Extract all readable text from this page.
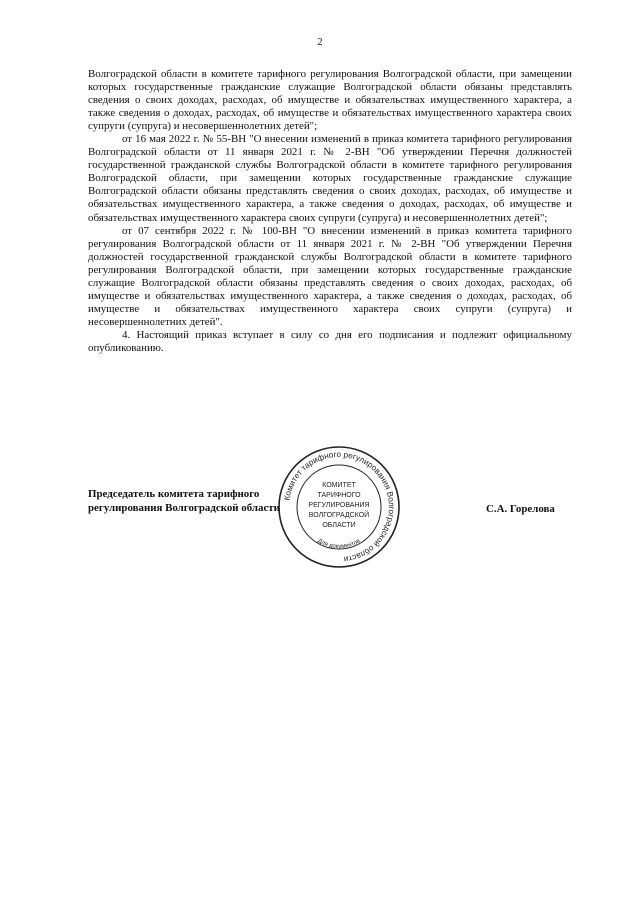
2

Волгоградской области в комитете тарифного регулирования Волгоградской области, при замещении которых государственные гражданские служащие Волгоградской области обязаны представлять сведения о своих доходах, расходах, об имуществе и обязательствах имущественного характера, а также сведения о доходах, расходах, об имуществе и обязательствах имущественного характера своих супруги (супруга) и несовершеннолетних детей";

от 16 мая 2022 г. № 55-ВН "О внесении изменений в приказ комитета тарифного регулирования Волгоградской области от 11 января 2021 г. № 2-ВН "Об утверждении Перечня должностей государственной гражданской службы Волгоградской области в комитете тарифного регулирования Волгоградской области, при замещении которых государственные гражданские служащие Волгоградской области обязаны представлять сведения о своих доходах, расходах, об имуществе и обязательствах имущественного характера, а также сведения о доходах, расходах, об имуществе и обязательствах имущественного характера своих супруги (супруга) и несовершеннолетних детей";

от 07 сентября 2022 г. № 100-ВН "О внесении изменений в приказ комитета тарифного регулирования Волгоградской области от 11 января 2021 г. № 2-ВН "Об утверждении Перечня должностей государственной гражданской службы Волгоградской области в комитете тарифного регулирования Волгоградской области, при замещении которых государственные гражданские служащие Волгоградской области обязаны представлять сведения о своих доходах, расходах, об имуществе и обязательствах имущественного характера, а также сведения о доходах, расходах, об имуществе и обязательствах имущественного характера своих супруги (супруга) и несовершеннолетних детей".

4. Настоящий приказ вступает в силу со дня его подписания и подлежит официальному опубликованию.

Комитет тарифного регулирования Волгоградской области
КОМИТЕТ
ТАРИФНОГО
РЕГУЛИРОВАНИЯ
ВОЛГОГРАДСКОЙ
ОБЛАСТИ
Для документов
Председатель комитета тарифного
регулирования Волгоградской области	С.А. Горелова
